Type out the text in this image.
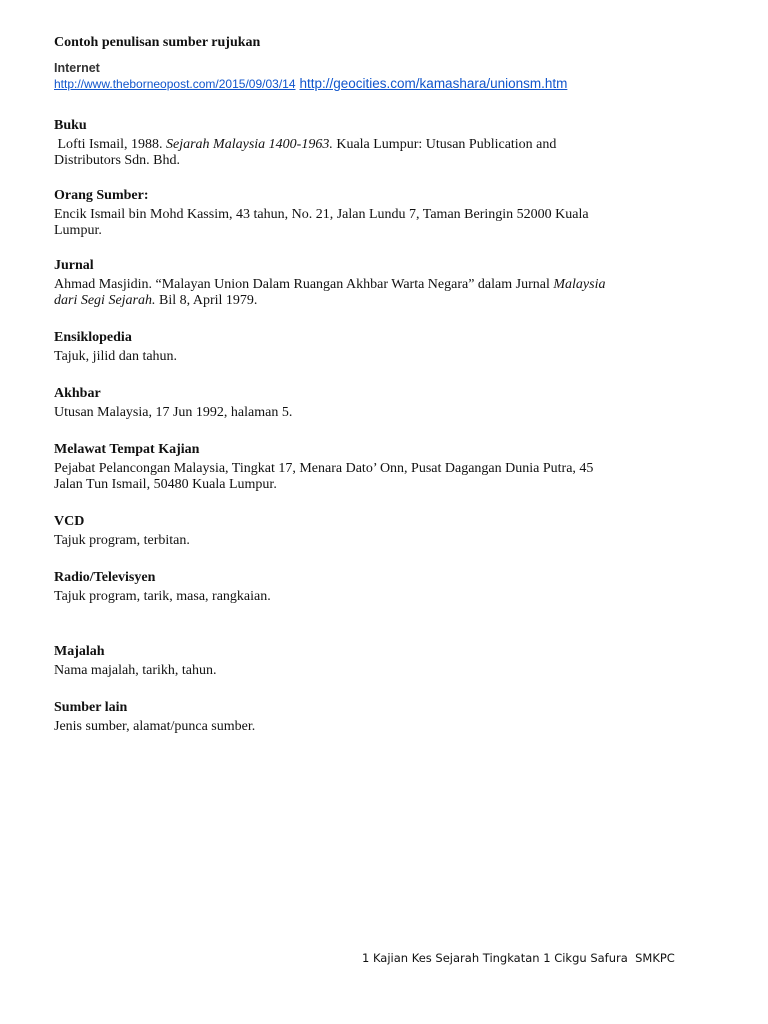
Contoh penulisan sumber rujukan
Internet
http://www.theborneopost.com/2015/09/03/14 http://geocities.com/kamashara/unionsm.htm
Buku
Lofti Ismail, 1988. Sejarah Malaysia 1400-1963. Kuala Lumpur: Utusan Publication and
Distributors Sdn. Bhd.
Orang Sumber:
Encik Ismail bin Mohd Kassim, 43 tahun, No. 21, Jalan Lundu 7, Taman Beringin 52000 Kuala
Lumpur.
Jurnal
Ahmad Masjidin. “Malayan Union Dalam Ruangan Akhbar Warta Negara” dalam Jurnal Malaysia
dari Segi Sejarah. Bil 8, April 1979.
Ensiklopedia
Tajuk, jilid dan tahun.
Akhbar
Utusan Malaysia, 17 Jun 1992, halaman 5.
Melawat Tempat Kajian
Pejabat Pelancongan Malaysia, Tingkat 17, Menara Dato’ Onn, Pusat Dagangan Dunia Putra, 45
Jalan Tun Ismail, 50480 Kuala Lumpur.
VCD
Tajuk program, terbitan.
Radio/Televisyen
Tajuk program, tarik, masa, rangkaian.
Majalah
Nama majalah, tarikh, tahun.
Sumber lain
Jenis sumber, alamat/punca sumber.
1 Kajian Kes Sejarah Tingkatan 1 Cikgu Safura  SMKPC
